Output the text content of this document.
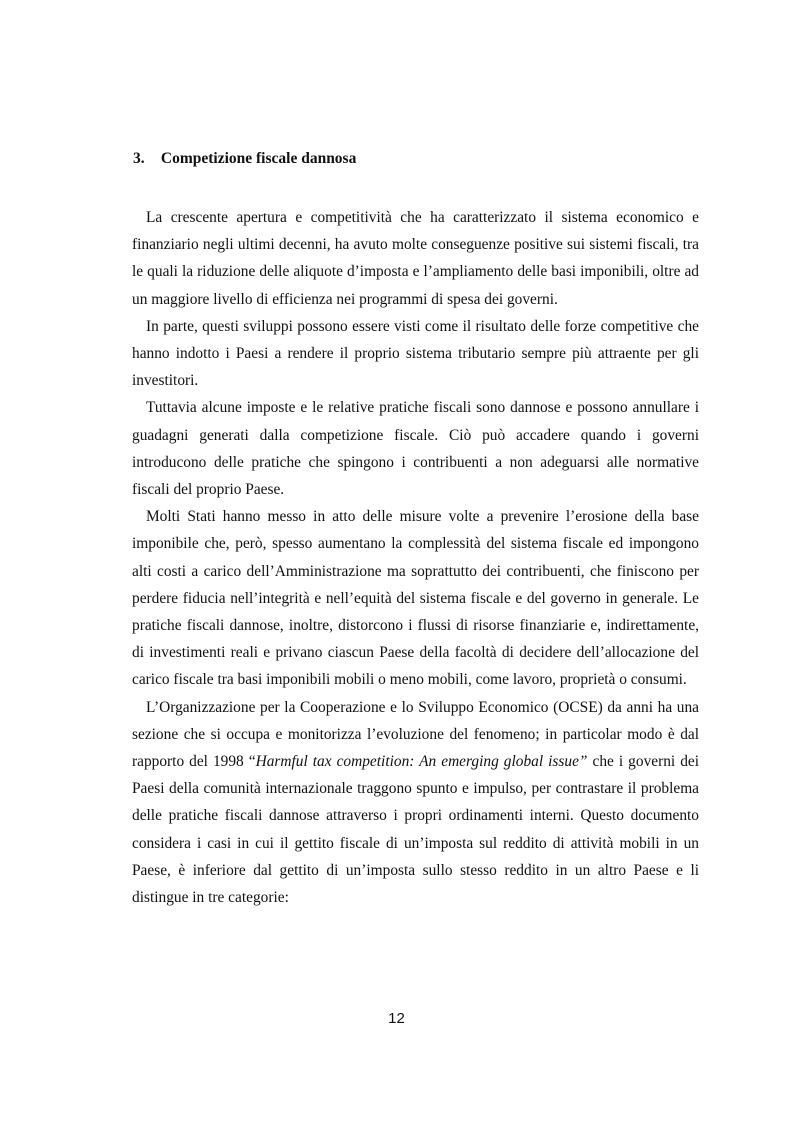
3. Competizione fiscale dannosa

La crescente apertura e competitività che ha caratterizzato il sistema economico e finanziario negli ultimi decenni, ha avuto molte conseguenze positive sui sistemi fiscali, tra le quali la riduzione delle aliquote d’imposta e l’ampliamento delle basi imponibili, oltre ad un maggiore livello di efficienza nei programmi di spesa dei governi.

In parte, questi sviluppi possono essere visti come il risultato delle forze competitive che hanno indotto i Paesi a rendere il proprio sistema tributario sempre più attraente per gli investitori.

Tuttavia alcune imposte e le relative pratiche fiscali sono dannose e possono annullare i guadagni generati dalla competizione fiscale. Ciò può accadere quando i governi introducono delle pratiche che spingono i contribuenti a non adeguarsi alle normative fiscali del proprio Paese.

Molti Stati hanno messo in atto delle misure volte a prevenire l’erosione della base imponibile che, però, spesso aumentano la complessità del sistema fiscale ed impongono alti costi a carico dell’Amministrazione ma soprattutto dei contribuenti, che finiscono per perdere fiducia nell’integrità e nell’equità del sistema fiscale e del governo in generale. Le pratiche fiscali dannose, inoltre, distorcono i flussi di risorse finanziarie e, indirettamente, di investimenti reali e privano ciascun Paese della facoltà di decidere dell’allocazione del carico fiscale tra basi imponibili mobili o meno mobili, come lavoro, proprietà o consumi.

L’Organizzazione per la Cooperazione e lo Sviluppo Economico (OCSE) da anni ha una sezione che si occupa e monitorizza l’evoluzione del fenomeno; in particolar modo è dal rapporto del 1998 “Harmful tax competition: An emerging global issue” che i governi dei Paesi della comunità internazionale traggono spunto e impulso, per contrastare il problema delle pratiche fiscali dannose attraverso i propri ordinamenti interni. Questo documento considera i casi in cui il gettito fiscale di un’imposta sul reddito di attività mobili in un Paese, è inferiore dal gettito di un’imposta sullo stesso reddito in un altro Paese e li distingue in tre categorie:

12
